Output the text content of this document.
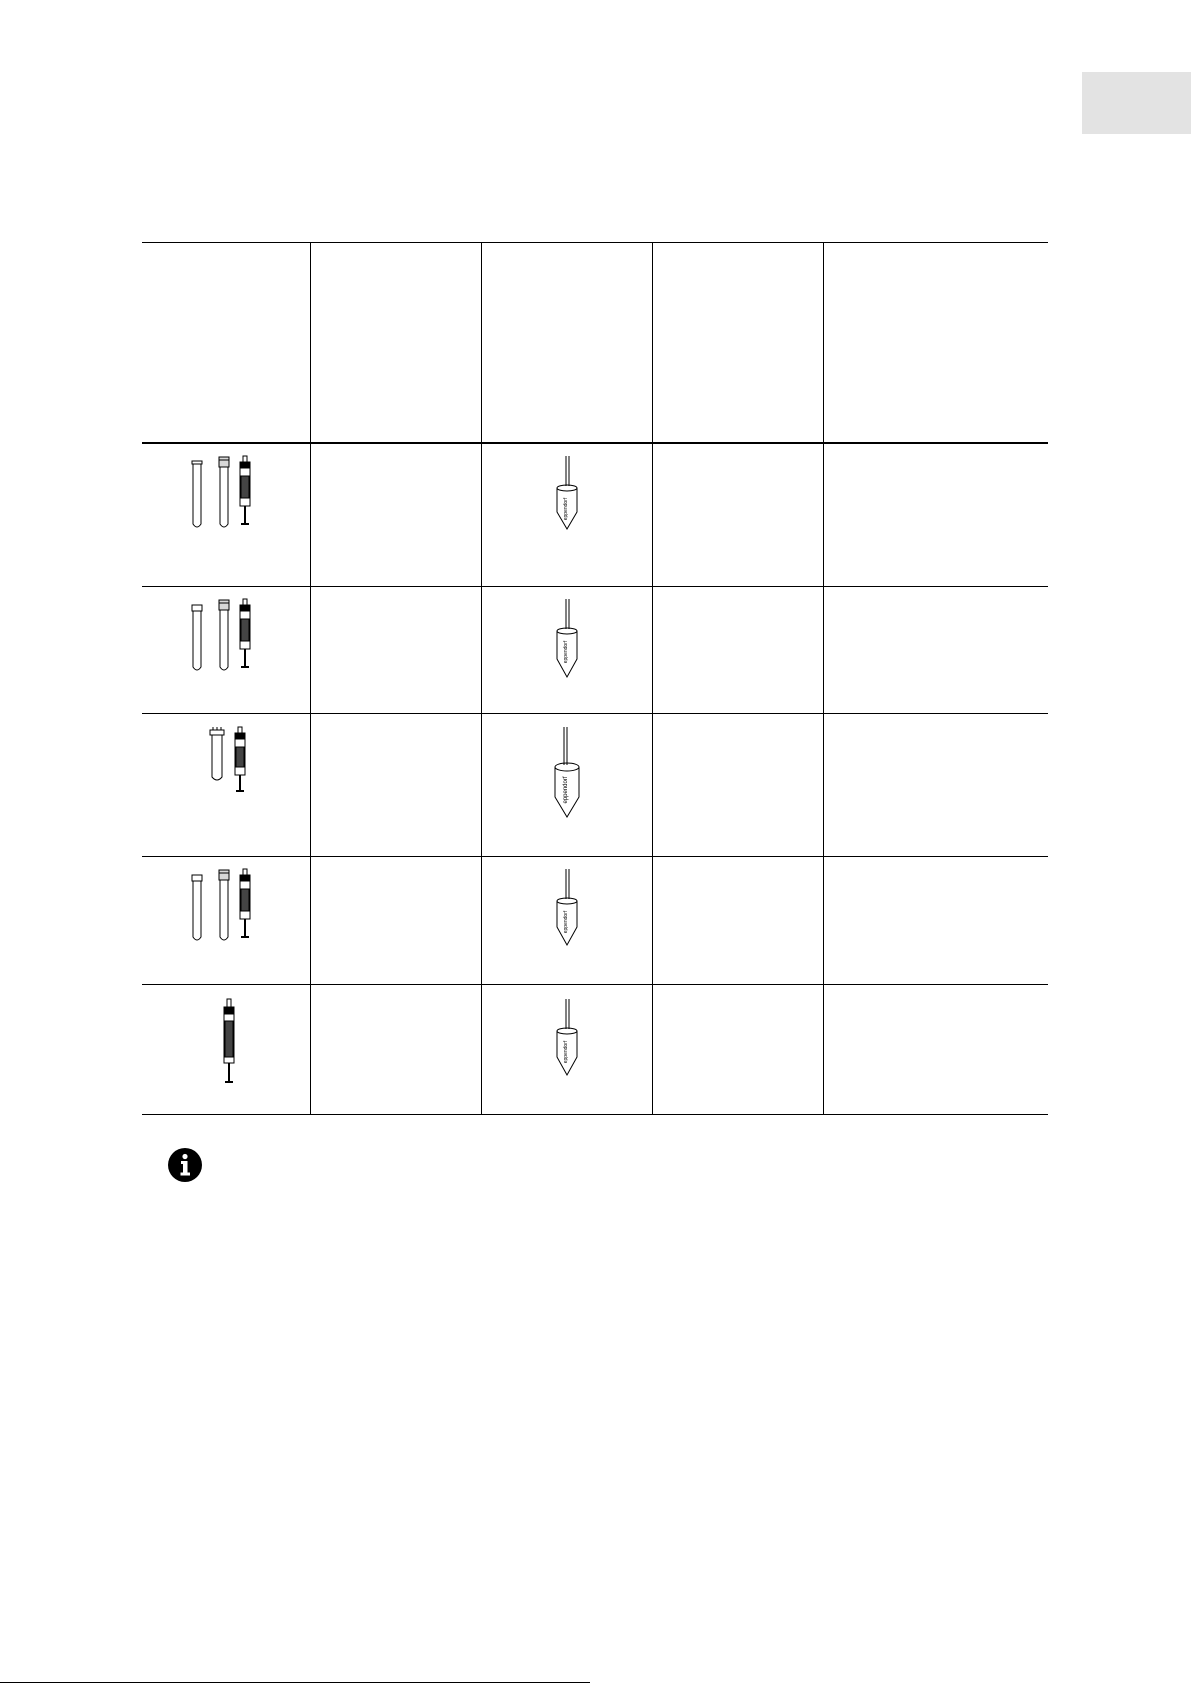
eppendorf
eppendorf
eppendorf
eppendorf
eppendorf
